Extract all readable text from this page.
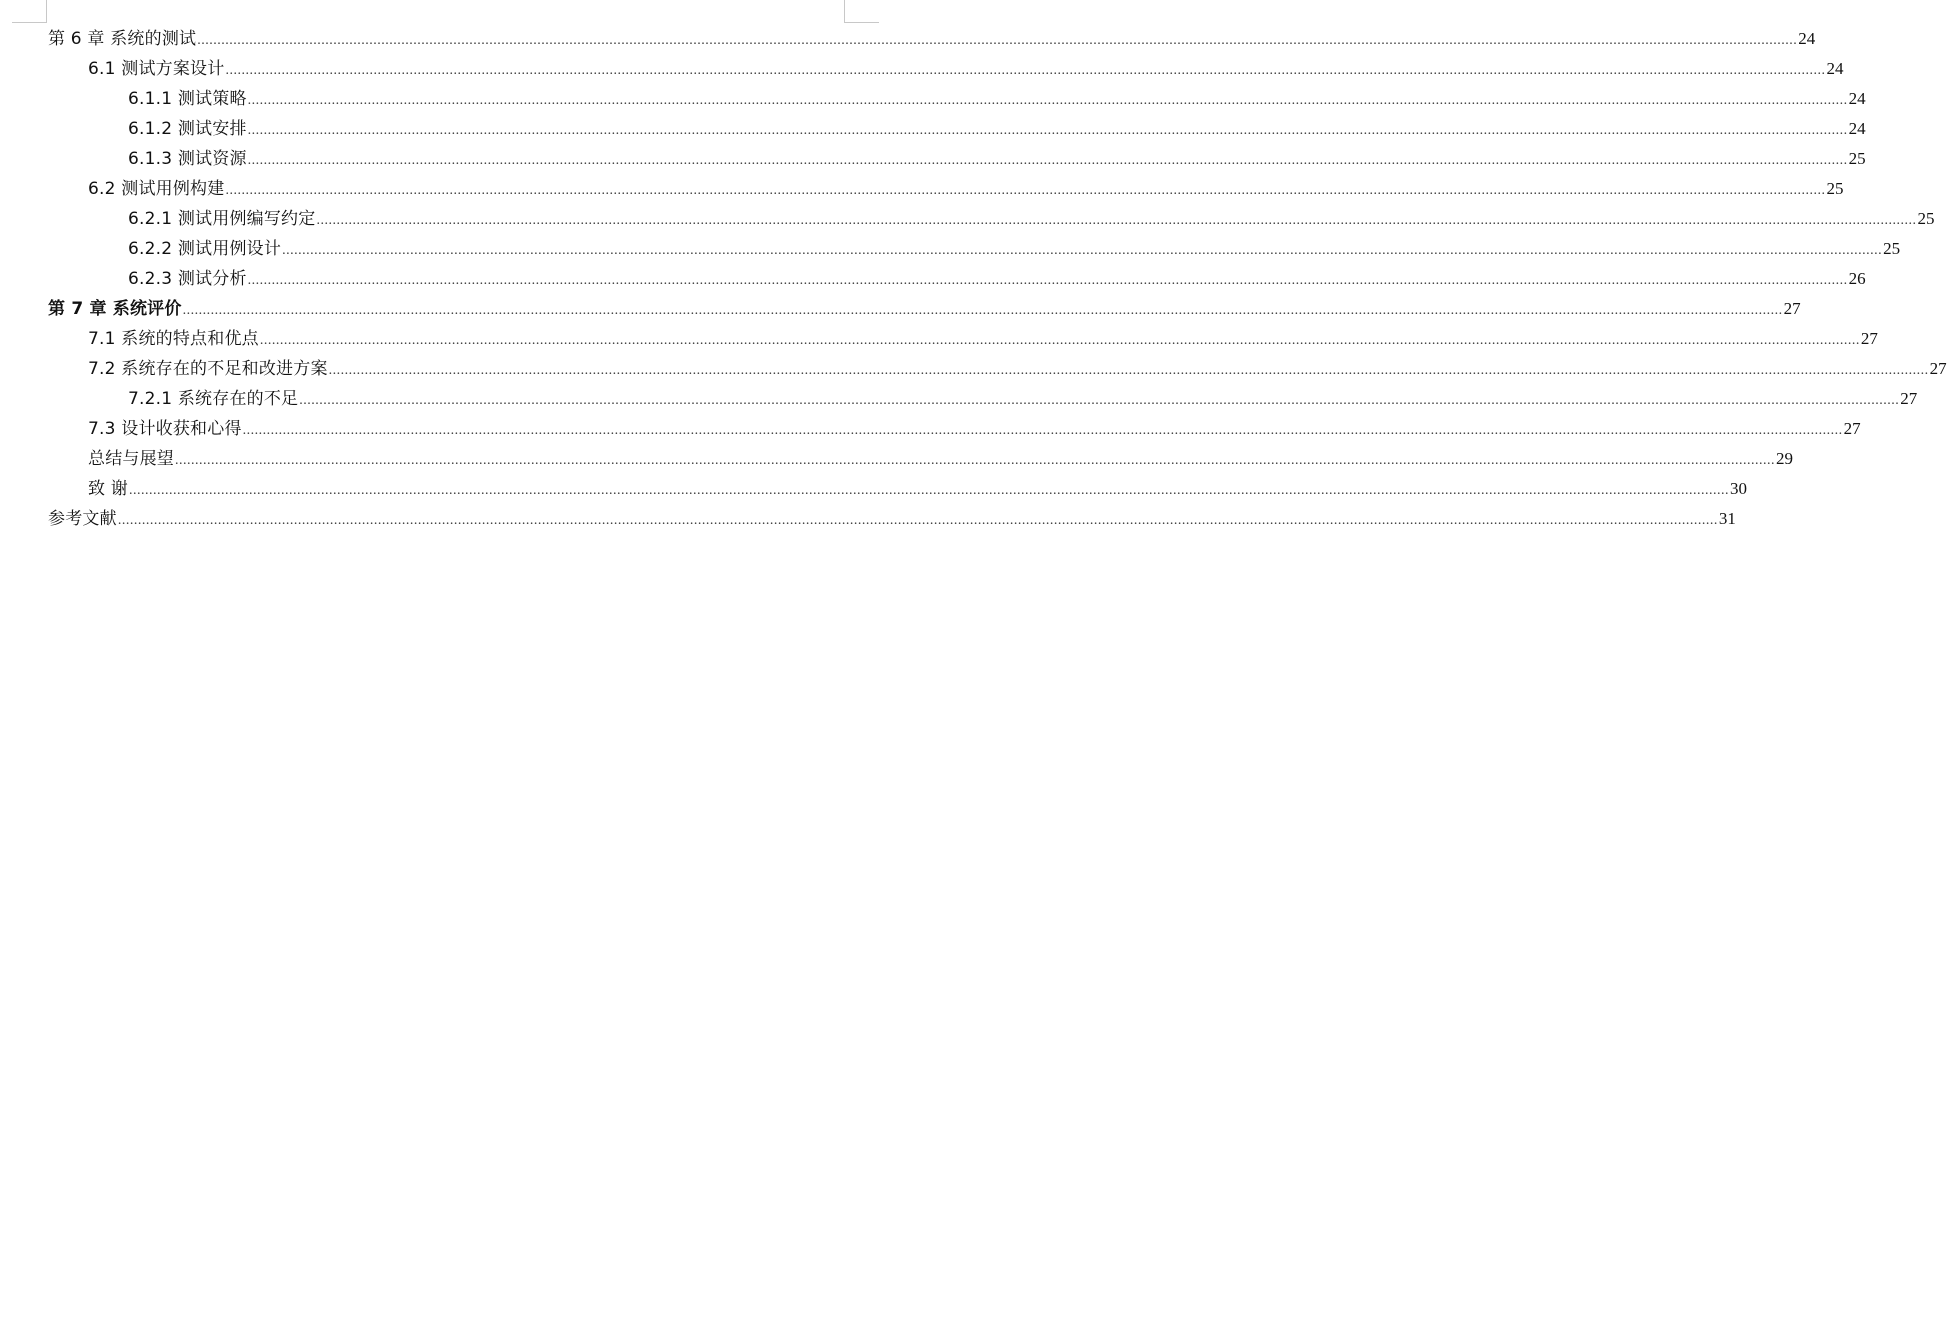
第 6 章 系统的测试 ................................................................................................................................................................................................................................................................................................................................................................................................................ 24
6.1 测试方案设计 ................................................................................................................................................................................................................................................................................................................................................................................................................ 24
6.1.1 测试策略 ................................................................................................................................................................................................................................................................................................................................................................................................................ 24
6.1.2 测试安排 ................................................................................................................................................................................................................................................................................................................................................................................................................ 24
6.1.3 测试资源 ................................................................................................................................................................................................................................................................................................................................................................................................................ 25
6.2 测试用例构建 ................................................................................................................................................................................................................................................................................................................................................................................................................ 25
6.2.1 测试用例编写约定 ................................................................................................................................................................................................................................................................................................................................................................................................................ 25
6.2.2 测试用例设计 ................................................................................................................................................................................................................................................................................................................................................................................................................ 25
6.2.3 测试分析 ................................................................................................................................................................................................................................................................................................................................................................................................................ 26
第 7 章 系统评价 ................................................................................................................................................................................................................................................................................................................................................................................................................ 27
7.1 系统的特点和优点 ................................................................................................................................................................................................................................................................................................................................................................................................................ 27
7.2 系统存在的不足和改进方案 ................................................................................................................................................................................................................................................................................................................................................................................................................ 27
7.2.1 系统存在的不足 ................................................................................................................................................................................................................................................................................................................................................................................................................ 27
7.3 设计收获和心得 ................................................................................................................................................................................................................................................................................................................................................................................................................ 27
总结与展望 ................................................................................................................................................................................................................................................................................................................................................................................................................ 29
致 谢 ................................................................................................................................................................................................................................................................................................................................................................................................................ 30
参考文献 ................................................................................................................................................................................................................................................................................................................................................................................................................ 31
